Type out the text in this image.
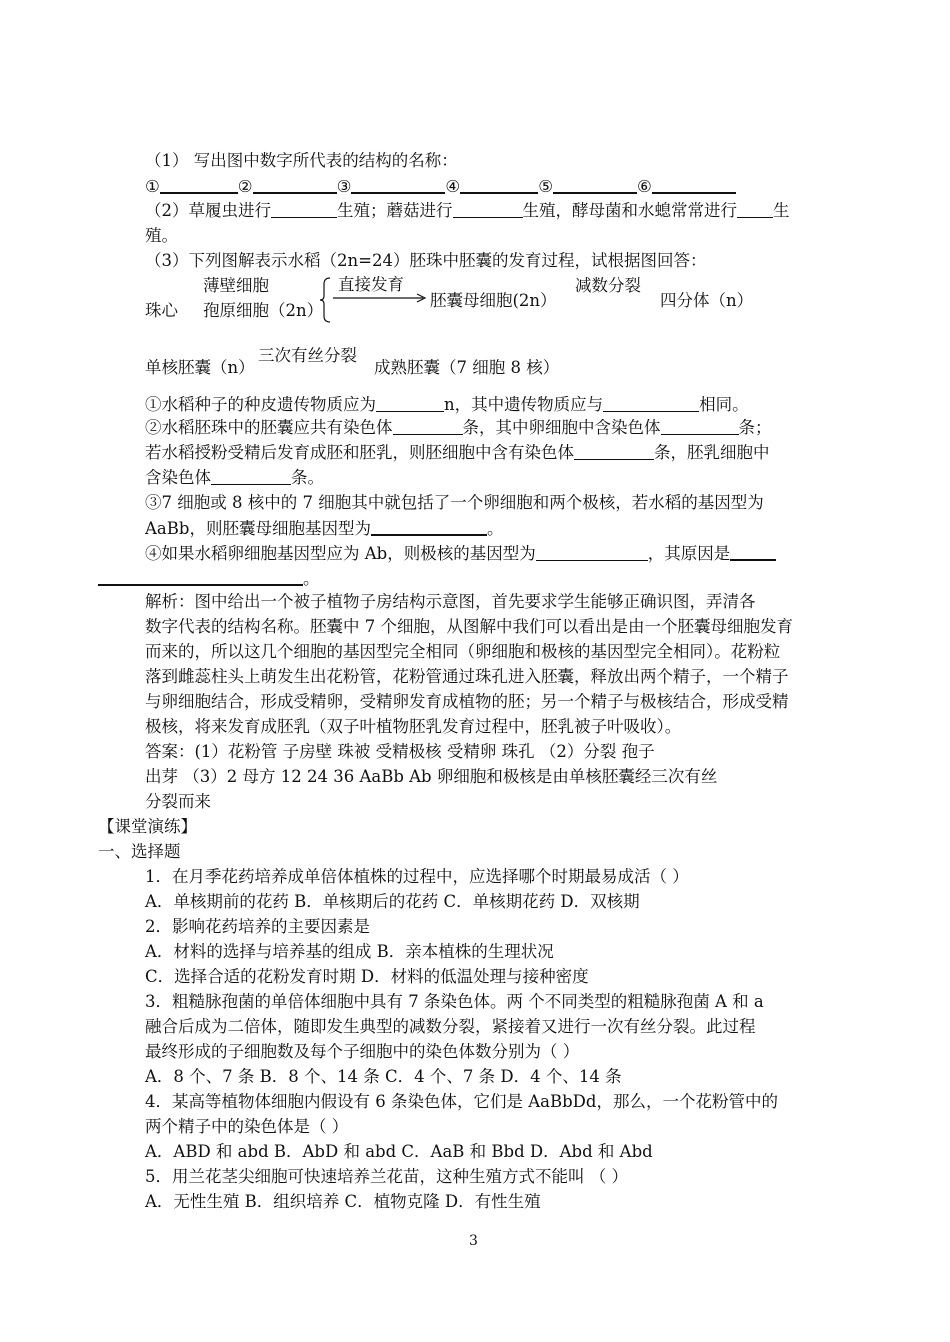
（1） 写出图中数字所代表的结构的名称：
①	②	③	④	⑤	⑥
（2）草履虫进行	生殖；蘑菇进行	生殖，酵母菌和水螅常常进行 生
殖。
（3）下列图解表示水稻（2n=24）胚珠中胚囊的发育过程，试根据图回答：
薄壁细胞
珠心 孢原细胞（2n）
直接发育
胚囊母细胞(2n）
减数分裂
四分体（n）
单核胚囊（n）
三次有丝分裂
成熟胚囊（7 细胞 8 核）
①水稻种子的种皮遗传物质应为	n，其中遗传物质应与	相同。
②水稻胚珠中的胚囊应共有染色体	条，其中卵细胞中含染色体	条；
若水稻授粉受精后发育成胚和胚乳，则胚细胞中含有染色体	条，胚乳细胞中
含染色体	条。
③7 细胞或 8 核中的 7 细胞其中就包括了一个卵细胞和两个极核，若水稻的基因型为
AaBb，则胚囊母细胞基因型为	。
④如果水稻卵细胞基因型应为 Ab，则极核的基因型为	，其原因是
。
解析：图中给出一个被子植物子房结构示意图，首先要求学生能够正确识图，弄清各
数字代表的结构名称。胚囊中 7 个细胞，从图解中我们可以看出是由一个胚囊母细胞发育
而来的，所以这几个细胞的基因型完全相同（卵细胞和极核的基因型完全相同）。花粉粒
落到雌蕊柱头上萌发生出花粉管，花粉管通过珠孔进入胚囊，释放出两个精子，一个精子
与卵细胞结合，形成受精卵，受精卵发育成植物的胚；另一个精子与极核结合，形成受精
极核，将来发育成胚乳（双子叶植物胚乳发育过程中，胚乳被子叶吸收）。
答案：(1）花粉管 子房壁 珠被 受精极核 受精卵 珠孔 （2）分裂 孢子
出芽 （3）2 母方 12 24 36 AaBb Ab 卵细胞和极核是由单核胚囊经三次有丝
分裂而来
【课堂演练】
一、选择题
1．在月季花药培养成单倍体植株的过程中，应选择哪个时期最易成活（ ）
A．单核期前的花药 B．单核期后的花药 C．单核期花药 D．双核期
2．影响花药培养的主要因素是
A．材料的选择与培养基的组成 B．亲本植株的生理状况
C．选择合适的花粉发育时期 D．材料的低温处理与接种密度
3．粗糙脉孢菌的单倍体细胞中具有 7 条染色体。两 个不同类型的粗糙脉孢菌 A 和 a
融合后成为二倍体，随即发生典型的减数分裂，紧接着又进行一次有丝分裂。此过程
最终形成的子细胞数及每个子细胞中的染色体数分别为（ ）
A．8 个、7 条 B．8 个、14 条 C．4 个、7 条 D．4 个、14 条
4．某高等植物体细胞内假设有 6 条染色体，它们是 AaBbDd，那么，一个花粉管中的
两个精子中的染色体是（ ）
A．ABD 和 abd B．AbD 和 abd C．AaB 和 Bbd D．Abd 和 Abd
5．用兰花茎尖细胞可快速培养兰花苗，这种生殖方式不能叫 （ ）
A．无性生殖 B．组织培养 C．植物克隆 D．有性生殖
3
